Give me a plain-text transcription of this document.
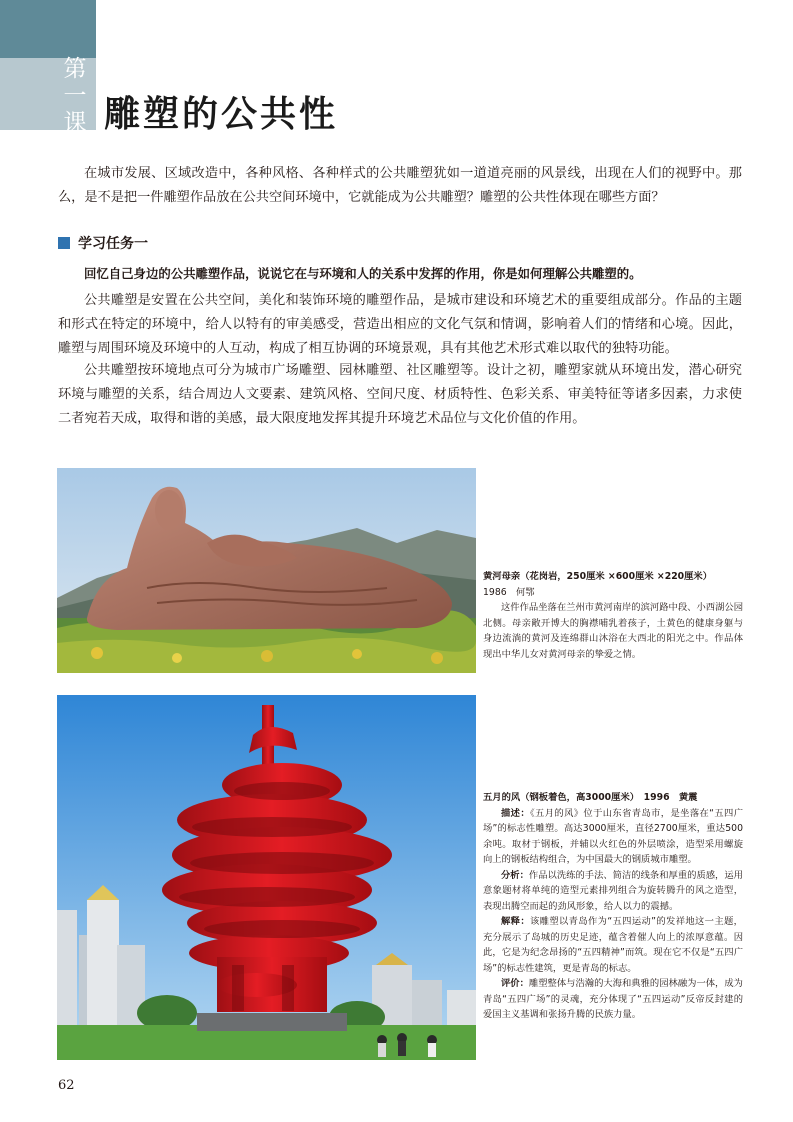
第
一
课 雕塑的公共性

在城市发展、区域改造中，各种风格、各种样式的公共雕塑犹如一道道亮丽的风景线，出现在人们的视野中。那么，是不是把一件雕塑作品放在公共空间环境中，它就能成为公共雕塑？雕塑的公共性体现在哪些方面？

学习任务一

回忆自己身边的公共雕塑作品，说说它在与环境和人的关系中发挥的作用，你是如何理解公共雕塑的。

公共雕塑是安置在公共空间，美化和装饰环境的雕塑作品，是城市建设和环境艺术的重要组成部分。作品的主题和形式在特定的环境中，给人以特有的审美感受，营造出相应的文化气氛和情调，影响着人们的情绪和心境。因此，雕塑与周围环境及环境中的人互动，构成了相互协调的环境景观，具有其他艺术形式难以取代的独特功能。

公共雕塑按环境地点可分为城市广场雕塑、园林雕塑、社区雕塑等。设计之初，雕塑家就从环境出发，潜心研究环境与雕塑的关系，结合周边人文要素、建筑风格、空间尺度、材质特性、色彩关系、审美特征等诸多因素，力求使二者宛若天成，取得和谐的美感，最大限度地发挥其提升环境艺术品位与文化价值的作用。

黄河母亲（花岗岩，250厘米 ×600厘米 ×220厘米）
1986　何鄂
这件作品坐落在兰州市黄河南岸的滨河路中段、小西湖公园北侧。母亲敞开博大的胸襟哺乳着孩子，土黄色的健康身躯与身边流淌的黄河及连绵群山沐浴在大西北的阳光之中。作品体现出中华儿女对黄河母亲的挚爱之情。
五月的风（钢板着色，高3000厘米）　1996　黄震
描述：《五月的风》位于山东省青岛市，是坐落在“五四广场”的标志性雕塑。高达3000厘米，直径2700厘米，重达500余吨。取材于钢板，并辅以火红色的外层喷涂，造型采用螺旋向上的钢板结构组合，为中国最大的钢质城市雕塑。
分析：作品以洗练的手法、简洁的线条和厚重的质感，运用意象题材将单纯的造型元素排列组合为旋转腾升的风之造型，表现出腾空而起的劲风形象，给人以力的震撼。
解释：该雕塑以青岛作为“五四运动”的发祥地这一主题，充分展示了岛城的历史足迹，蕴含着催人向上的浓厚意蕴。因此，它是为纪念昂扬的“五四精神”而筑。现在它不仅是“五四广场”的标志性建筑，更是青岛的标志。
评价：雕塑整体与浩瀚的大海和典雅的园林融为一体，成为青岛“五四广场”的灵魂，充分体现了“五四运动”反帝反封建的爱国主义基调和张扬升腾的民族力量。
62
